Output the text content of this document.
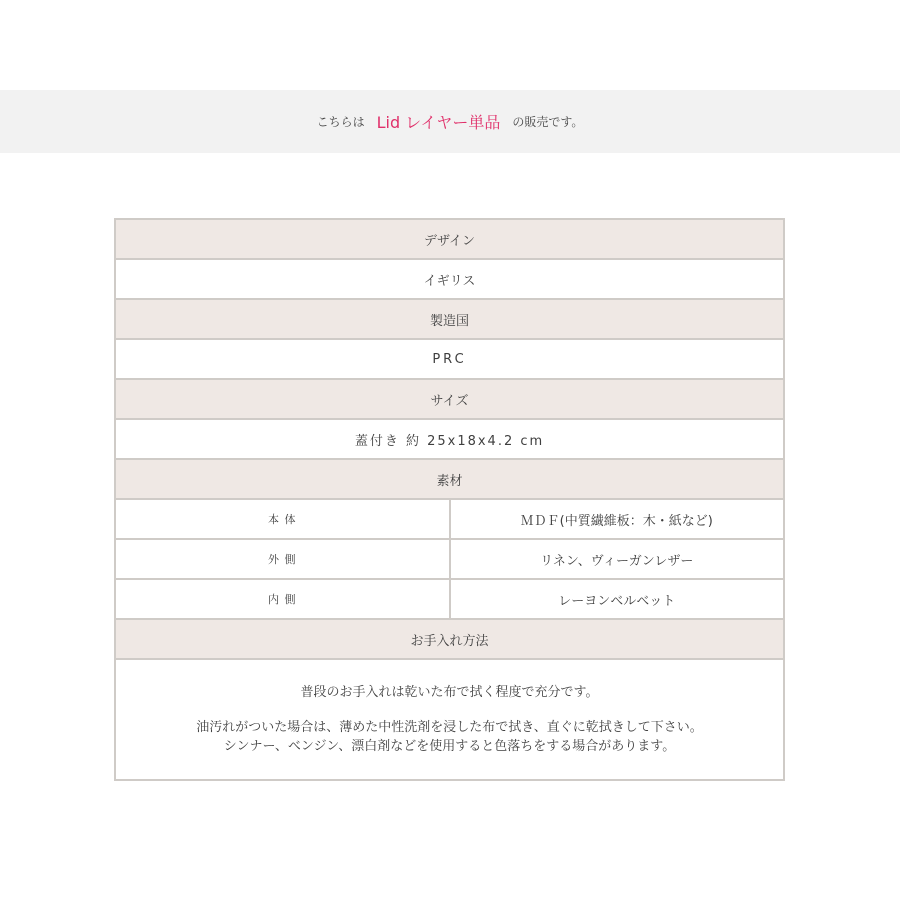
こちらは Lid レイヤー単品 の販売です。
デザイン	
イギリス	
製造国	
PRC	
サイズ	
蓋付き 約 25x18x4.2 cm	
素材	
本 体	ＭＤＦ(中質繊維板：木・紙など)
外 側	リネン、ヴィーガンレザー
内 側	レーヨンベルベット
お手入れ方法	

普段のお手入れは乾いた布で拭く程度で充分です。
油汚れがついた場合は、薄めた中性洗剤を浸した布で拭き、直ぐに乾拭きして下さい。
シンナー、ベンジン、漂白剤などを使用すると色落ちをする場合があります。	
